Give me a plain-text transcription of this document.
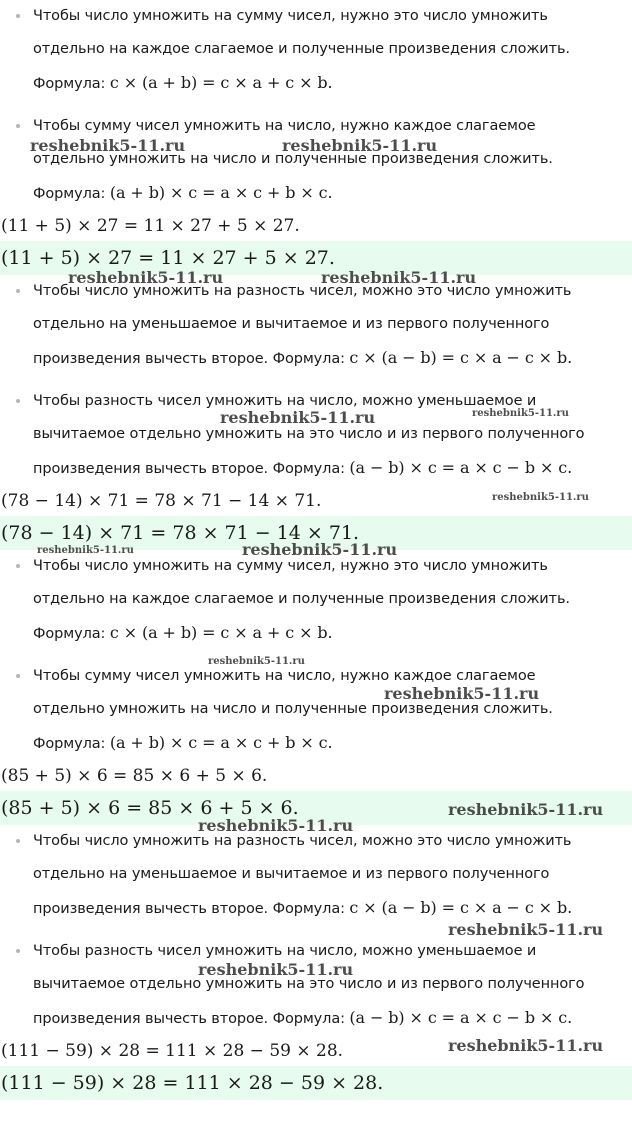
Чтобы число умножить на сумму чисел, нужно это число умножить

отдельно на каждое слагаемое и полученные произведения сложить.

Формула: c × (a + b) = c × a + c × b.

Чтобы сумму чисел умножить на число, нужно каждое слагаемое

отдельно умножить на число и полученные произведения сложить.

Формула: (a + b) × c = a × c + b × c.

(11 + 5) × 27 = 11 × 27 + 5 × 27.
(11 + 5) × 27 = 11 × 27 + 5 × 27.

Чтобы число умножить на разность чисел, можно это число умножить

отдельно на уменьшаемое и вычитаемое и из первого полученного

произведения вычесть второе. Формула: c × (a − b) = c × a − c × b.

Чтобы разность чисел умножить на число, можно уменьшаемое и

вычитаемое отдельно умножить на это число и из первого полученного

произведения вычесть второе. Формула: (a − b) × c = a × c − b × c.

(78 − 14) × 71 = 78 × 71 − 14 × 71.
(78 − 14) × 71 = 78 × 71 − 14 × 71.

Чтобы число умножить на сумму чисел, нужно это число умножить

отдельно на каждое слагаемое и полученные произведения сложить.

Формула: c × (a + b) = c × a + c × b.

Чтобы сумму чисел умножить на число, нужно каждое слагаемое

отдельно умножить на число и полученные произведения сложить.

Формула: (a + b) × c = a × c + b × c.

(85 + 5) × 6 = 85 × 6 + 5 × 6.
(85 + 5) × 6 = 85 × 6 + 5 × 6.

Чтобы число умножить на разность чисел, можно это число умножить

отдельно на уменьшаемое и вычитаемое и из первого полученного

произведения вычесть второе. Формула: c × (a − b) = c × a − c × b.

Чтобы разность чисел умножить на число, можно уменьшаемое и

вычитаемое отдельно умножить на это число и из первого полученного

произведения вычесть второе. Формула: (a − b) × c = a × c − b × c.

(111 − 59) × 28 = 111 × 28 − 59 × 28.
(111 − 59) × 28 = 111 × 28 − 59 × 28.
reshebnik5-11.ru	reshebnik5-11.ru
reshebnik5-11.ru	reshebnik5-11.ru
reshebnik5-11.ru	reshebnik5-11.ru
reshebnik5-11.ru
reshebnik5-11.ru	reshebnik5-11.ru
reshebnik5-11.ru
reshebnik5-11.ru
reshebnik5-11.ru
reshebnik5-11.ru
reshebnik5-11.ru
reshebnik5-11.ru
reshebnik5-11.ru
